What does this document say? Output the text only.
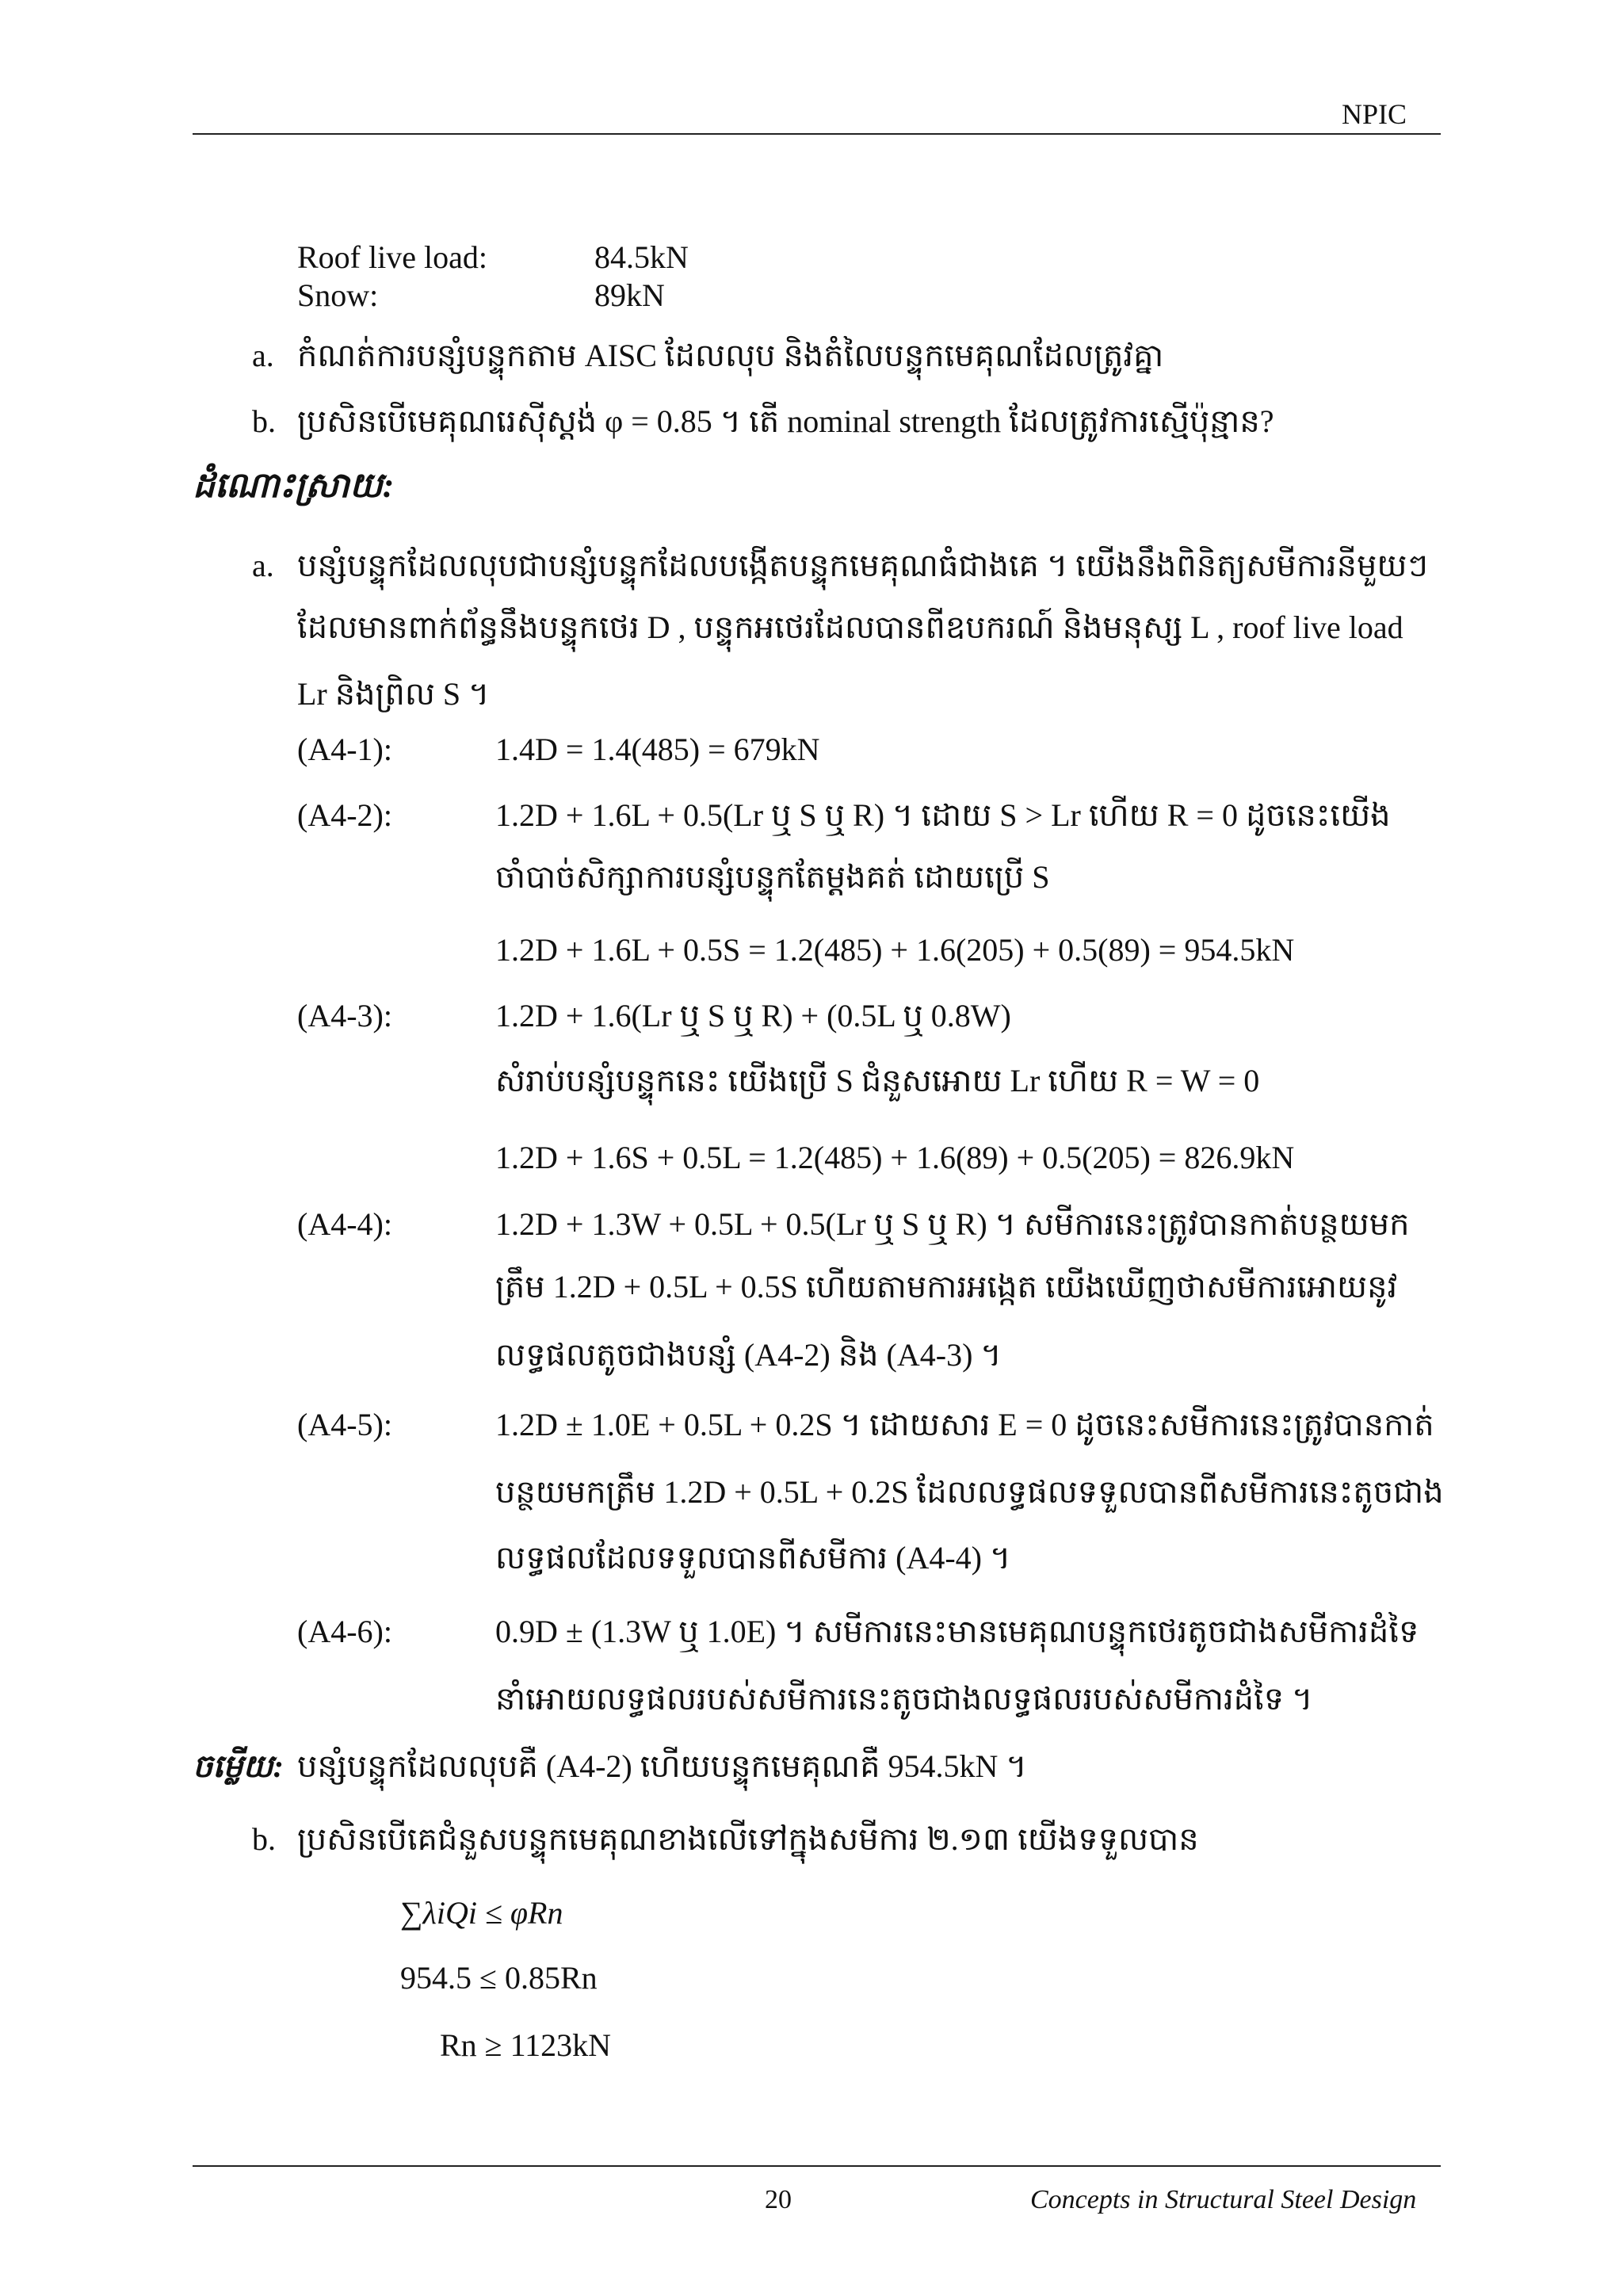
NPIC
Roof live load:	84.5kN
Snow:	89kN
a. កំណត់ការបន្សំបន្ទុកតាម AISC ដែលលុប និងតំលៃបន្ទុកមេគុណដែលត្រូវគ្នា
b. ប្រសិនបើមេគុណរេស៊ីស្តង់ φ = 0.85 ។ តើ nominal strength ដែលត្រូវការស្មើប៉ុន្មាន?
ដំណោះស្រាយ:
a. បន្សំបន្ទុកដែលលុបជាបន្សំបន្ទុកដែលបង្កើតបន្ទុកមេគុណធំជាងគេ ។ យើងនឹងពិនិត្យសមីការនីមួយៗ
ដែលមានពាក់ព័ន្ធនឹងបន្ទុកថេរ D , បន្ទុកអថេរដែលបានពីឧបករណ៍ និងមនុស្ស L , roof live load
Lr និងព្រិល S ។
(A4-1):	1.4D = 1.4(485) = 679kN
(A4-2):	1.2D + 1.6L + 0.5(Lr ឬ S ឬ R) ។ ដោយ S > Lr ហើយ R = 0 ដូចនេះយើង
ចាំបាច់សិក្សាការបន្សំបន្ទុកតែម្តងគត់ ដោយប្រើ S
1.2D + 1.6L + 0.5S = 1.2(485) + 1.6(205) + 0.5(89) = 954.5kN
(A4-3):	1.2D + 1.6(Lr ឬ S ឬ R) + (0.5L ឬ 0.8W)
សំរាប់បន្សំបន្ទុកនេះ យើងប្រើ S ជំនួសអោយ Lr ហើយ R = W = 0
1.2D + 1.6S + 0.5L = 1.2(485) + 1.6(89) + 0.5(205) = 826.9kN
(A4-4):	1.2D + 1.3W + 0.5L + 0.5(Lr ឬ S ឬ R) ។ សមីការនេះត្រូវបានកាត់បន្ថយមក
ត្រឹម 1.2D + 0.5L + 0.5S ហើយតាមការអង្កេត យើងឃើញថាសមីការអោយនូវ
លទ្ធផលតូចជាងបន្សំ (A4-2) និង (A4-3) ។
(A4-5):	1.2D ± 1.0E + 0.5L + 0.2S ។ ដោយសារ E = 0 ដូចនេះសមីការនេះត្រូវបានកាត់
បន្ថយមកត្រឹម 1.2D + 0.5L + 0.2S ដែលលទ្ធផលទទួលបានពីសមីការនេះតូចជាង
លទ្ធផលដែលទទួលបានពីសមីការ (A4-4) ។
(A4-6):	0.9D ± (1.3W ឬ 1.0E) ។ សមីការនេះមានមេគុណបន្ទុកថេរតូចជាងសមីការដំទៃ
នាំអោយលទ្ធផលរបស់សមីការនេះតូចជាងលទ្ធផលរបស់សមីការដំទៃ ។
ចម្លើយ: បន្សំបន្ទុកដែលលុបគឺ (A4-2) ហើយបន្ទុកមេគុណគឺ 954.5kN ។
b. ប្រសិនបើគេជំនួសបន្ទុកមេគុណខាងលើទៅក្នុងសមីការ ២.១៣ យើងទទួលបាន
∑λiQi ≤ φRn
954.5 ≤ 0.85Rn
Rn ≥ 1123kN
20	Concepts in Structural Steel Design
